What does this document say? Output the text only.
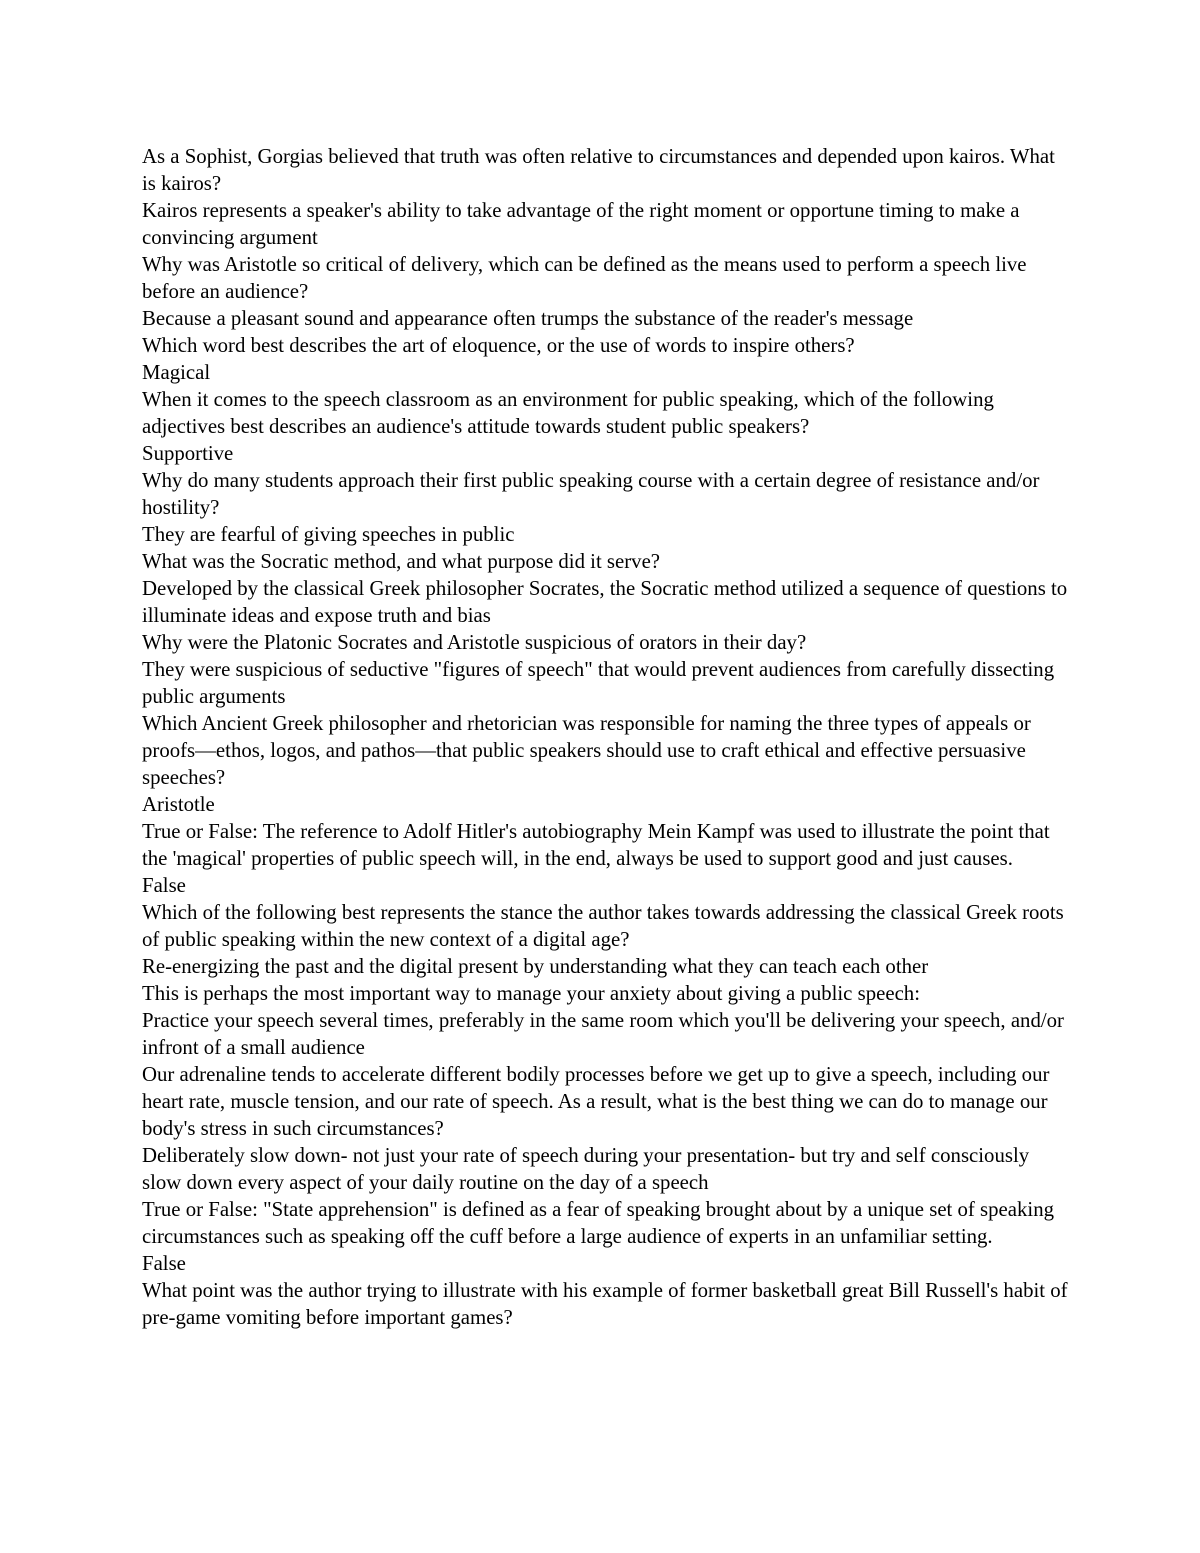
As a Sophist, Gorgias believed that truth was often relative to circumstances and depended upon kairos. What is kairos?

Kairos represents a speaker's ability to take advantage of the right moment or opportune timing to make a convincing argument

Why was Aristotle so critical of delivery, which can be defined as the means used to perform a speech live before an audience?

Because a pleasant sound and appearance often trumps the substance of the reader's message

Which word best describes the art of eloquence, or the use of words to inspire others?

Magical

When it comes to the speech classroom as an environment for public speaking, which of the following adjectives best describes an audience's attitude towards student public speakers?

Supportive

Why do many students approach their first public speaking course with a certain degree of resistance and/or hostility?

They are fearful of giving speeches in public

What was the Socratic method, and what purpose did it serve?

Developed by the classical Greek philosopher Socrates, the Socratic method utilized a sequence of questions to illuminate ideas and expose truth and bias

Why were the Platonic Socrates and Aristotle suspicious of orators in their day?

They were suspicious of seductive "figures of speech" that would prevent audiences from carefully dissecting public arguments

Which Ancient Greek philosopher and rhetorician was responsible for naming the three types of appeals or proofs—ethos, logos, and pathos—that public speakers should use to craft ethical and effective persuasive speeches?

Aristotle

True or False: The reference to Adolf Hitler's autobiography Mein Kampf was used to illustrate the point that the 'magical' properties of public speech will, in the end, always be used to support good and just causes.

False

Which of the following best represents the stance the author takes towards addressing the classical Greek roots of public speaking within the new context of a digital age?

Re-energizing the past and the digital present by understanding what they can teach each other

This is perhaps the most important way to manage your anxiety about giving a public speech:

Practice your speech several times, preferably in the same room which you'll be delivering your speech, and/or infront of a small audience

Our adrenaline tends to accelerate different bodily processes before we get up to give a speech, including our heart rate, muscle tension, and our rate of speech. As a result, what is the best thing we can do to manage our body's stress in such circumstances?

Deliberately slow down- not just your rate of speech during your presentation- but try and self consciously slow down every aspect of your daily routine on the day of a speech

True or False: "State apprehension" is defined as a fear of speaking brought about by a unique set of speaking circumstances such as speaking off the cuff before a large audience of experts in an unfamiliar setting.

False

What point was the author trying to illustrate with his example of former basketball great Bill Russell's habit of pre-game vomiting before important games?
